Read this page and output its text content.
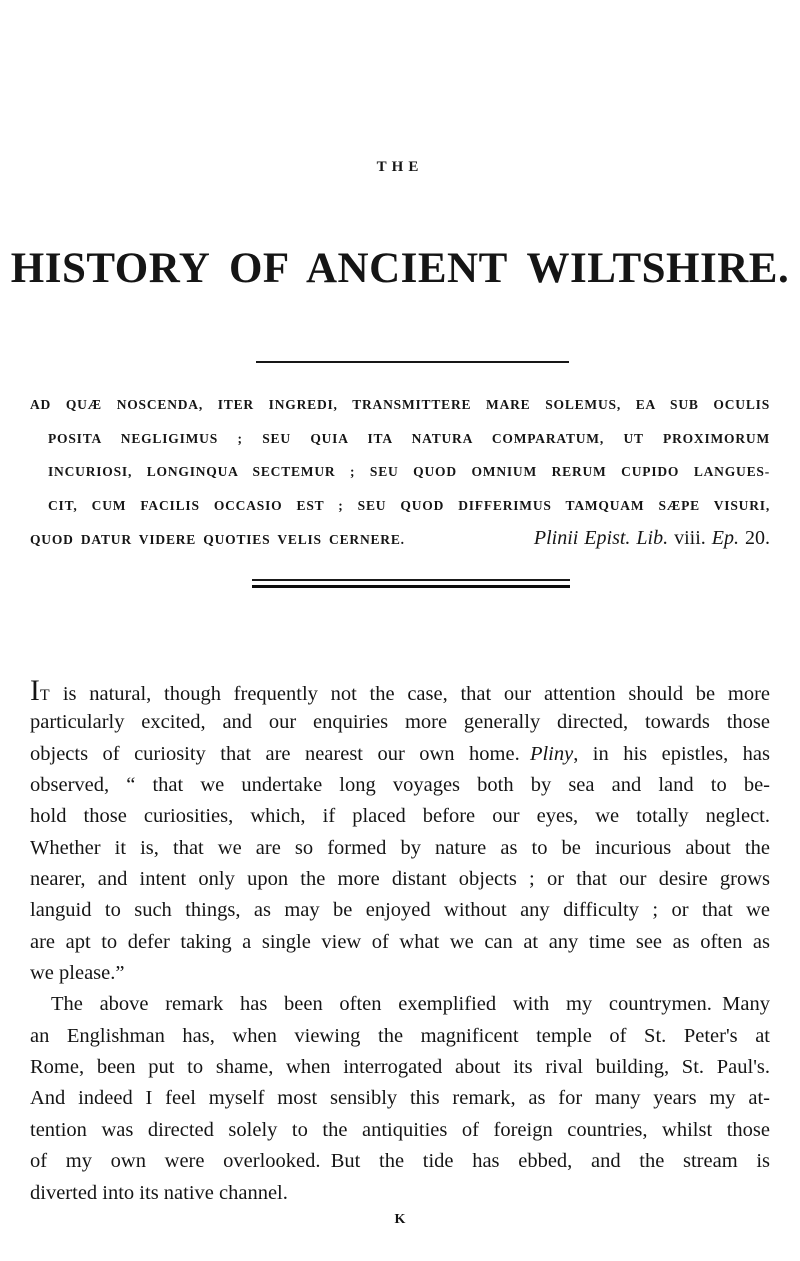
THE
HISTORY OF ANCIENT WILTSHIRE.
AD QUÆ NOSCENDA, ITER INGREDI, TRANSMITTERE MARE SOLEMUS, EA SUB OCULIS
POSITA NEGLIGIMUS ; SEU QUIA ITA NATURA COMPARATUM, UT PROXIMORUM
INCURIOSI, LONGINQUA SECTEMUR ; SEU QUOD OMNIUM RERUM CUPIDO LANGUES-
CIT, CUM FACILIS OCCASIO EST ; SEU QUOD DIFFERIMUS TAMQUAM SÆPE VISURI,
QUOD DATUR VIDERE QUOTIES VELIS CERNERE.	Plinii Epist. Lib. viii. Ep. 20.
IT is natural, though frequently not the case, that our attention should be more
particularly excited, and our enquiries more generally directed, towards those
objects of curiosity that are nearest our own home. Pliny, in his epistles, has
observed, “ that we undertake long voyages both by sea and land to be-
hold those curiosities, which, if placed before our eyes, we totally neglect.
Whether it is, that we are so formed by nature as to be incurious about the
nearer, and intent only upon the more distant objects ; or that our desire grows
languid to such things, as may be enjoyed without any difficulty ; or that we
are apt to defer taking a single view of what we can at any time see as often as
we please.”
The above remark has been often exemplified with my countrymen. Many
an Englishman has, when viewing the magnificent temple of St. Peter's at
Rome, been put to shame, when interrogated about its rival building, St. Paul's.
And indeed I feel myself most sensibly this remark, as for many years my at-
tention was directed solely to the antiquities of foreign countries, whilst those
of my own were overlooked. But the tide has ebbed, and the stream is
diverted into its native channel.
K
